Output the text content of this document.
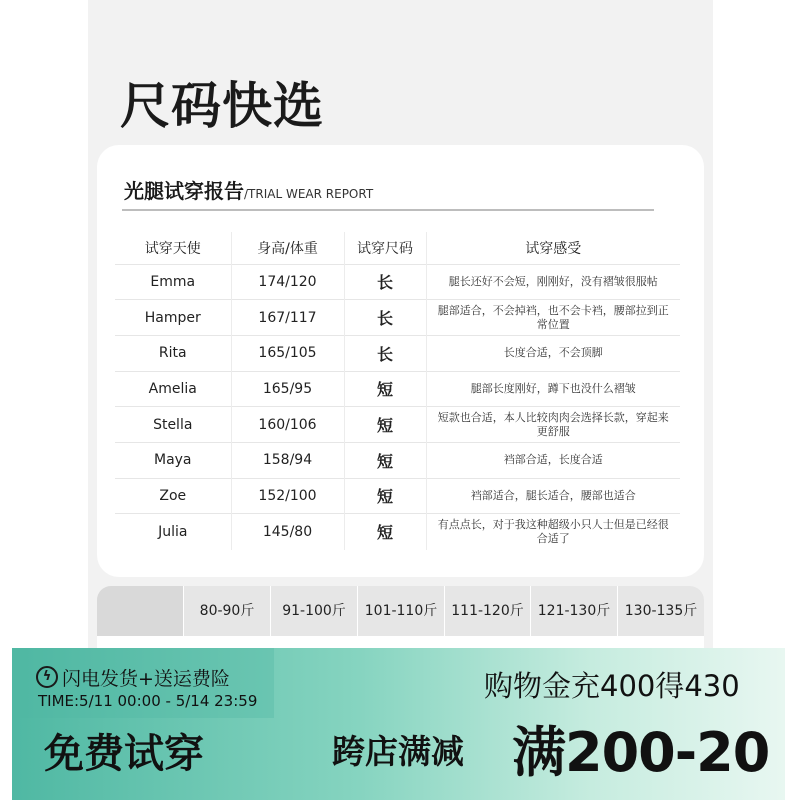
尺码快选
光腿试穿报告/TRIAL WEAR REPORT
试穿天使	身高/体重	试穿尺码	试穿感受
Emma	174/120	长	腿长还好不会短，刚刚好，没有褶皱很服帖
Hamper	167/117	长	腿部适合，不会掉裆，也不会卡裆，腰部拉到正常位置
Rita	165/105	长	长度合适，不会顶脚
Amelia	165/95	短	腿部长度刚好，蹲下也没什么褶皱
Stella	160/106	短	短款也合适，本人比较肉肉会选择长款，穿起来更舒服
Maya	158/94	短	裆部合适，长度合适
Zoe	152/100	短	裆部适合，腿长适合，腰部也适合
Julia	145/80	短	有点点长，对于我这种超级小只人士但是已经很合适了
80-90斤	91-100斤	101-110斤	111-120斤	121-130斤	130-135斤
ϟ 闪电发货+送运费险
TIME:5/11 00:00 - 5/14 23:59
免费试穿
购物金充400得430
跨店满减 满200-20
